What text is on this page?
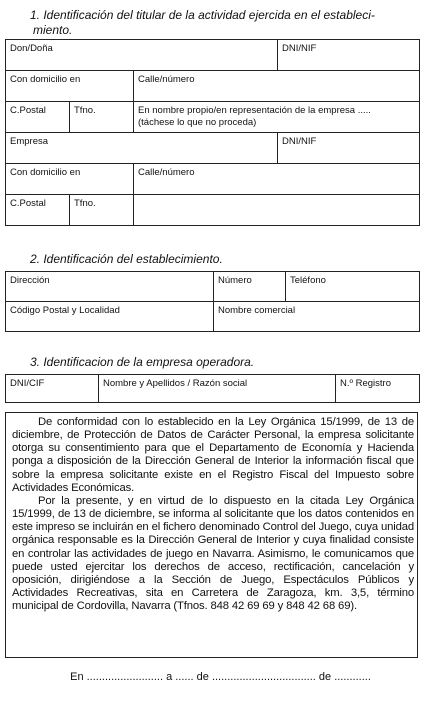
1. Identificación del titular de la actividad ejercida en el estableci-
miento.
Don/Doña			DNI/NIF
Con domicilio en		Calle/número	
C.Postal	Tfno.	En nombre propio/en representación de la empresa .....
(táchese lo que no proceda)	

Empresa			DNI/NIF
Con domicilio en		Calle/número	
C.Postal	Tfno.		
2. Identificación del establecimiento.
Dirección	Número	Teléfono
Código Postal y Localidad	Nombre comercial	
3. Identificacion de la empresa operadora.
DNI/CIF	Nombre y Apellidos / Razón social	N.º Registro

De conformidad con lo establecido en la Ley Orgánica 15/1999, de 13 de diciembre, de Protección de Datos de Carácter Personal, la empresa solicitante otorga su consentimiento para que el Departamento de Economía y Hacienda ponga a disposición de la Dirección General de Interior la información fiscal que sobre la empresa solicitante existe en el Registro Fiscal del Impuesto sobre Actividades Económicas.

Por la presente, y en virtud de lo dispuesto en la citada Ley Orgánica 15/1999, de 13 de diciembre, se informa al solicitante que los datos contenidos en este impreso se incluirán en el fichero denominado Control del Juego, cuya unidad orgánica responsable es la Dirección General de Interior y cuya finalidad consiste en controlar las actividades de juego en Navarra. Asimismo, le comunicamos que puede usted ejercitar los derechos de acceso, rectificación, cancelación y oposición, dirigiéndose a la Sección de Juego, Espectáculos Públicos y Actividades Recreativas, sita en Carretera de Zaragoza, km. 3,5, término municipal de Cordovilla, Navarra (Tfnos. 848 42 69 69 y 848 42 68 69).

En ......................... a ...... de .................................. de ............
